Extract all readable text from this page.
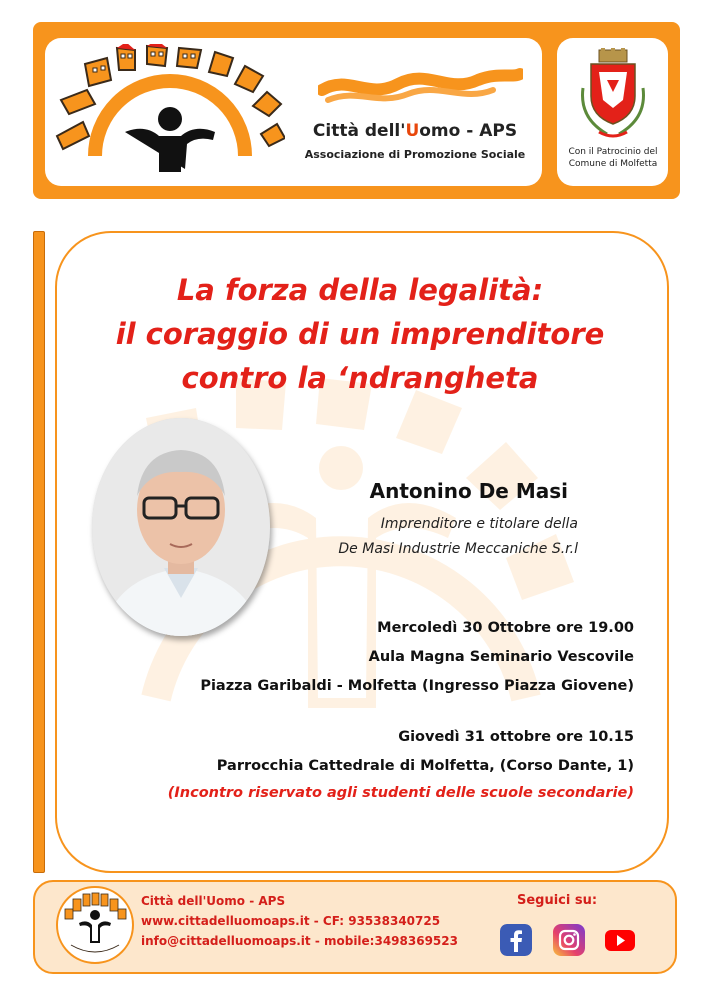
Città dell'Uomo - APS
Associazione di Promozione Sociale	Con il Patrocinio del
Comune di Molfetta
La forza della legalità:
il coraggio di un imprenditore
contro la ‘ndrangheta
Antonino De Masi
Imprenditore e titolare della
De Masi Industrie Meccaniche S.r.l
Mercoledì 30 Ottobre ore 19.00
Aula Magna Seminario Vescovile
Piazza Garibaldi - Molfetta (Ingresso Piazza Giovene)
Giovedì 31 ottobre ore 10.15
Parrocchia Cattedrale di Molfetta, (Corso Dante, 1)
(Incontro riservato agli studenti delle scuole secondarie)
Città dell'Uomo - APS
www.cittadelluomoaps.it - CF: 93538340725
info@cittadelluomoaps.it - mobile:3498369523
Seguici su:
